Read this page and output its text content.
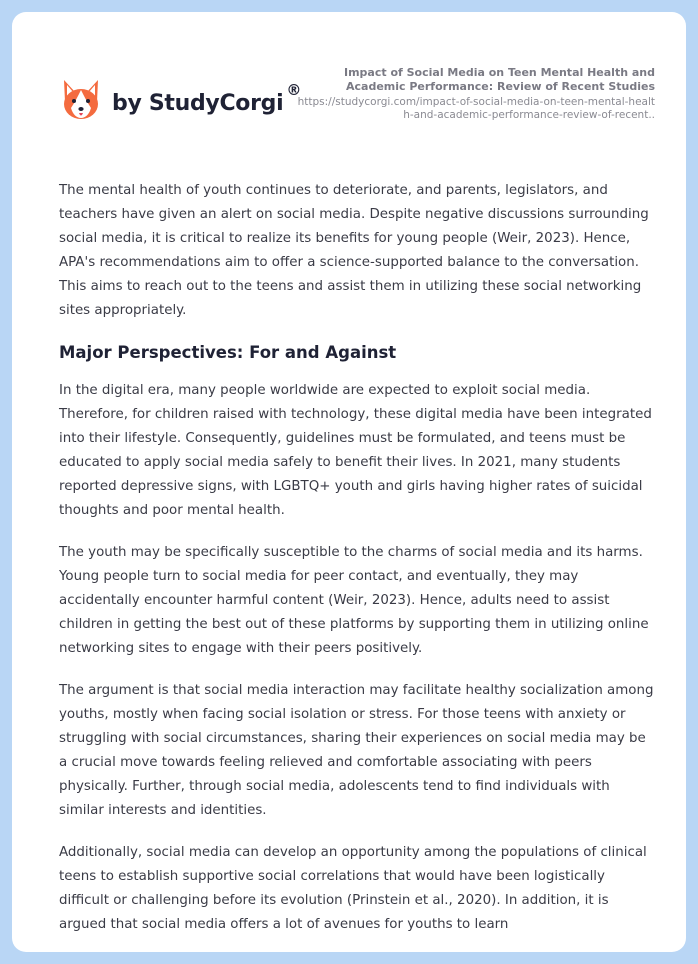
by StudyCorgi
®
Impact of Social Media on Teen Mental Health and Academic Performance: Review of Recent Studies
https://studycorgi.com/impact-of-social-media-on-teen-mental-health-and-academic-performance-review-of-recent..

The mental health of youth continues to deteriorate, and parents, legislators, and teachers have given an alert on social media. Despite negative discussions surrounding social media, it is critical to realize its benefits for young people (Weir, 2023). Hence, APA's recommendations aim to offer a science-supported balance to the conversation. This aims to reach out to the teens and assist them in utilizing these social networking sites appropriately.

Major Perspectives: For and Against

In the digital era, many people worldwide are expected to exploit social media. Therefore, for children raised with technology, these digital media have been integrated into their lifestyle. Consequently, guidelines must be formulated, and teens must be educated to apply social media safely to benefit their lives. In 2021, many students reported depressive signs, with LGBTQ+ youth and girls having higher rates of suicidal thoughts and poor mental health.

The youth may be specifically susceptible to the charms of social media and its harms. Young people turn to social media for peer contact, and eventually, they may accidentally encounter harmful content (Weir, 2023). Hence, adults need to assist children in getting the best out of these platforms by supporting them in utilizing online networking sites to engage with their peers positively.

The argument is that social media interaction may facilitate healthy socialization among youths, mostly when facing social isolation or stress. For those teens with anxiety or struggling with social circumstances, sharing their experiences on social media may be a crucial move towards feeling relieved and comfortable associating with peers physically. Further, through social media, adolescents tend to find individuals with similar interests and identities.

Additionally, social media can develop an opportunity among the populations of clinical teens to establish supportive social correlations that would have been logistically difficult or challenging before its evolution (Prinstein et al., 2020). In addition, it is argued that social media offers a lot of avenues for youths to learn
